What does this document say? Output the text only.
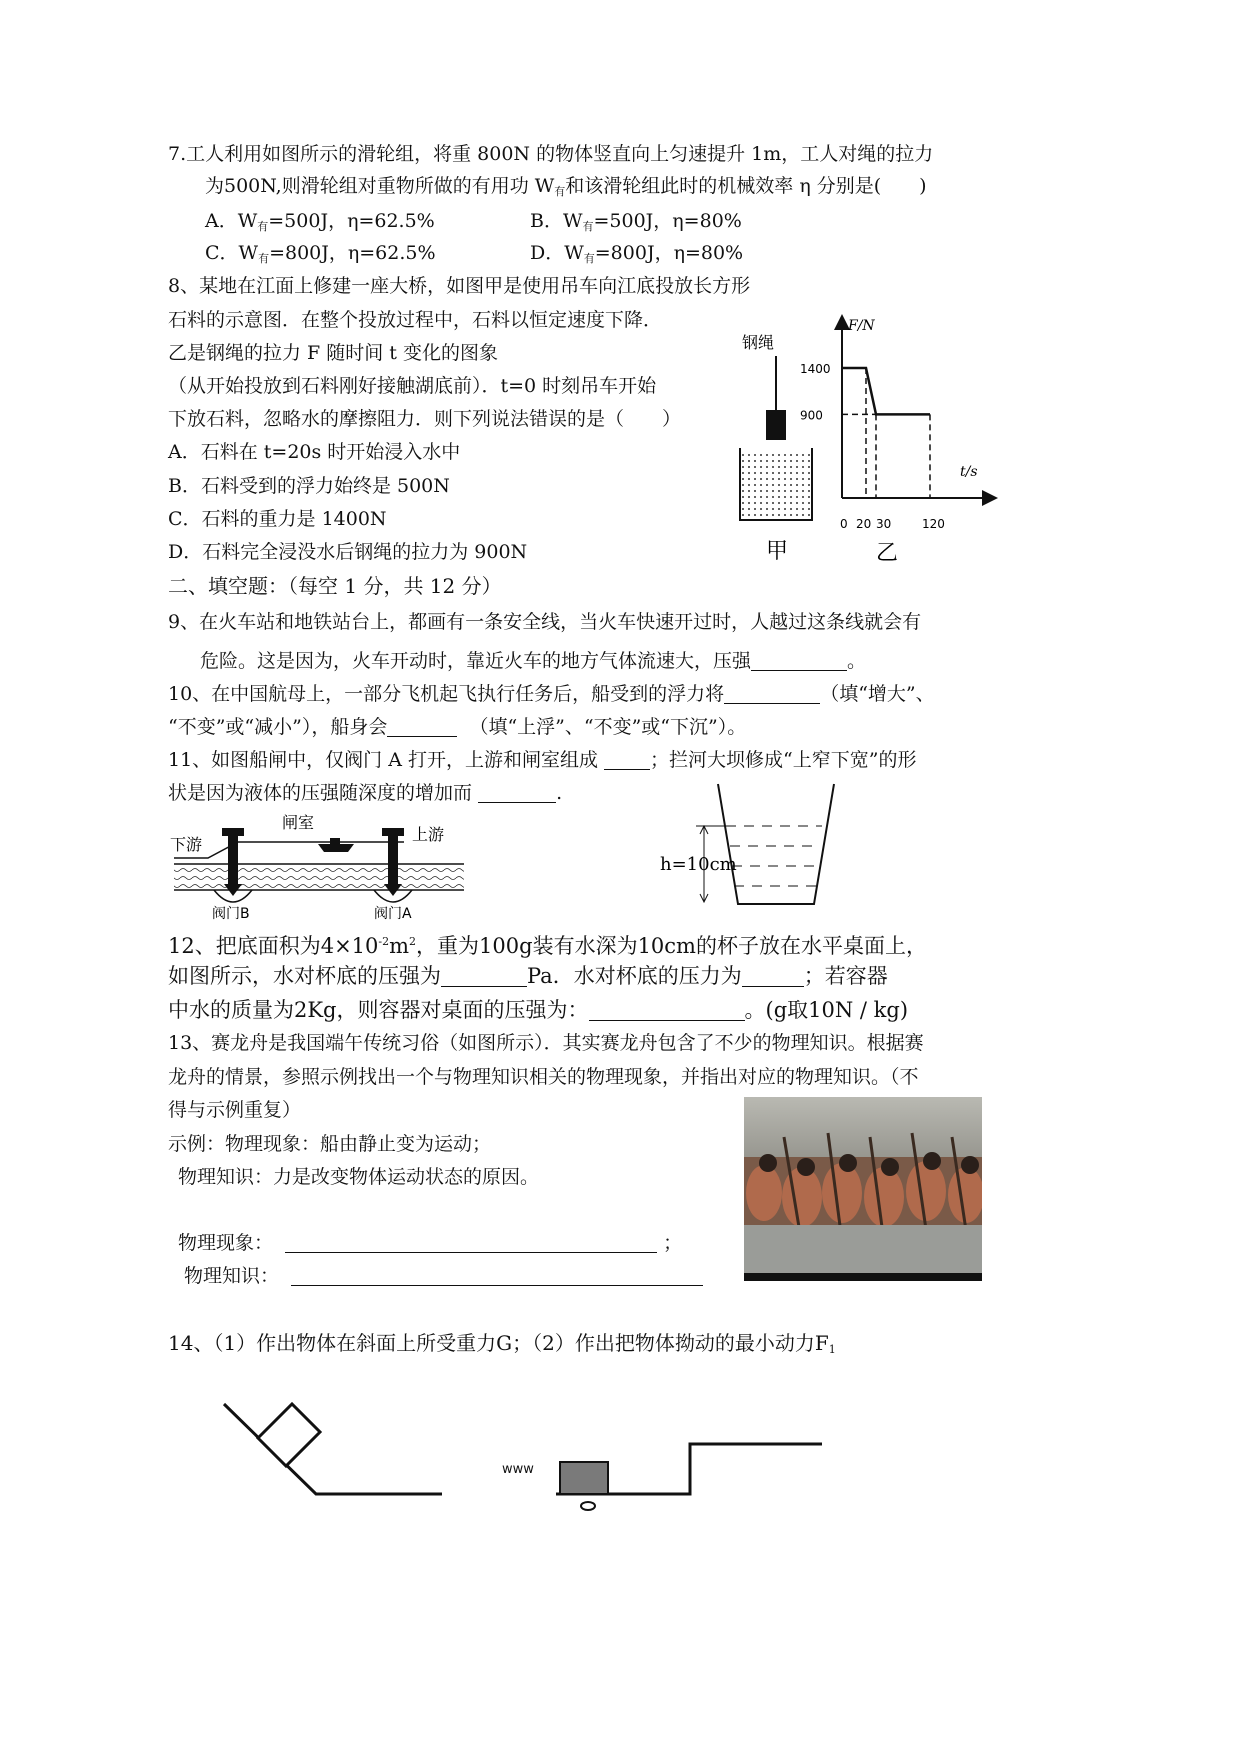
7.工人利用如图所示的滑轮组，将重 800N 的物体竖直向上匀速提升 1m，工人对绳的拉力
为500N,则滑轮组对重物所做的有用功 $W_有$和该滑轮组此时的机械效率 η 分别是(　　)
A．$W_有=500J$，η=62.5%	B．$W_有=500J$，η=80%
C．$W_有=800J$，η=62.5%	D．$W_有=800J$，η=80%
8、某地在江面上修建一座大桥，如图甲是使用吊车向江底投放长方形
石料的示意图．在整个投放过程中，石料以恒定速度下降．
乙是钢绳的拉力 F 随时间 t 变化的图象
（从开始投放到石料刚好接触湖底前）．t=0 时刻吊车开始
下放石料，忽略水的摩擦阻力．则下列说法错误的是（　　）
A．石料在 t=20s 时开始浸入水中
B．石料受到的浮力始终是 500N
C．石料的重力是 1400N
D．石料完全浸没水后钢绳的拉力为 900N
钢绳
甲
F/N
t/s
1400
900
0 20 30	120
乙
二、填空题：（每空 1 分，共 12 分）
9、在火车站和地铁站台上，都画有一条安全线，当火车快速开过时，人越过这条线就会有
危险。这是因为，火车开动时，靠近火车的地方气体流速大，压强	。
10、在中国航母上，一部分飞机起飞执行任务后，船受到的浮力将	（填“增大”、
“不变”或“减小”），船身会	（填“上浮”、“不变”或“下沉”）。
11、如图船闸中，仅阀门 A 打开，上游和闸室组成	；拦河大坝修成“上窄下宽”的形
状是因为液体的压强随深度的增加而	.
下游
闸室
上游
阀门B	阀门A
h=10cm
12、把底面积为$4\times 10^{-2}m^2$，重为100g装有水深为10cm的杯子放在水平桌面上，
如图所示，水对杯底的压强为	Pa．水对杯底的压力为	；若容器
中水的质量为2Kg，则容器对桌面的压强为：	。(g取10N / kg)
13、赛龙舟是我国端午传统习俗（如图所示）．其实赛龙舟包含了不少的物理知识。根据赛
龙舟的情景，参照示例找出一个与物理知识相关的物理现象，并指出对应的物理知识。（不
得与示例重复）
示例：物理现象：船由静止变为运动；
物理知识：力是改变物体运动状态的原因。
物理现象：	；
物理知识：
14、（1）作出物体在斜面上所受重力G；（2）作出把物体拗动的最小动力$F_1$
www
